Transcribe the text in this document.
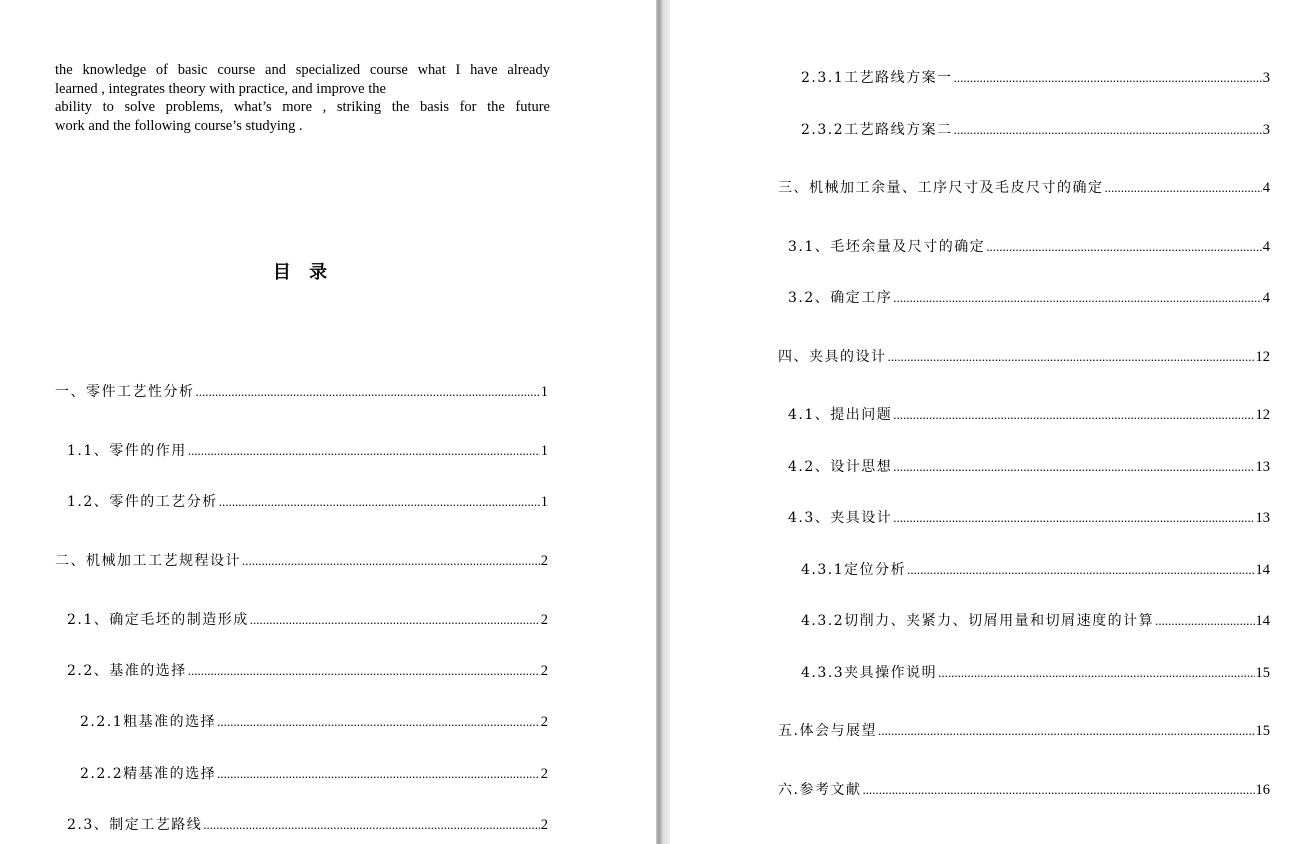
the knowledge of basic course and specialized course what I have already
learned , integrates theory with practice, and improve the
ability to solve problems, what’s more , striking the basis for the future
work and the following course’s studying .

目 录
一、零件工艺性分析 .....	1
1.1、零件的作用 .....	1
1.2、零件的工艺分析 .....	1
二、机械加工工艺规程设计 .....	2
2.1、确定毛坯的制造形成 .....	2
2.2、基准的选择 .....	2
2.2.1粗基准的选择 .....	2
2.2.2精基准的选择 .....	2
2.3、制定工艺路线 .....	2
2.3.1工艺路线方案一 .....	3
2.3.2工艺路线方案二 .....	3
三、机械加工余量、工序尺寸及毛皮尺寸的确定 .....	4
3.1、毛坯余量及尺寸的确定 .....	4
3.2、确定工序 .....	4
四、夹具的设计 .....	12
4.1、提出问题 .....	12
4.2、设计思想 .....	13
4.3、夹具设计 .....	13
4.3.1定位分析 .....	14
4.3.2切削力、夹紧力、切屑用量和切屑速度的计算 .....	14
4.3.3夹具操作说明 .....	15
五.体会与展望 .....	15
六.参考文献 .....	16
